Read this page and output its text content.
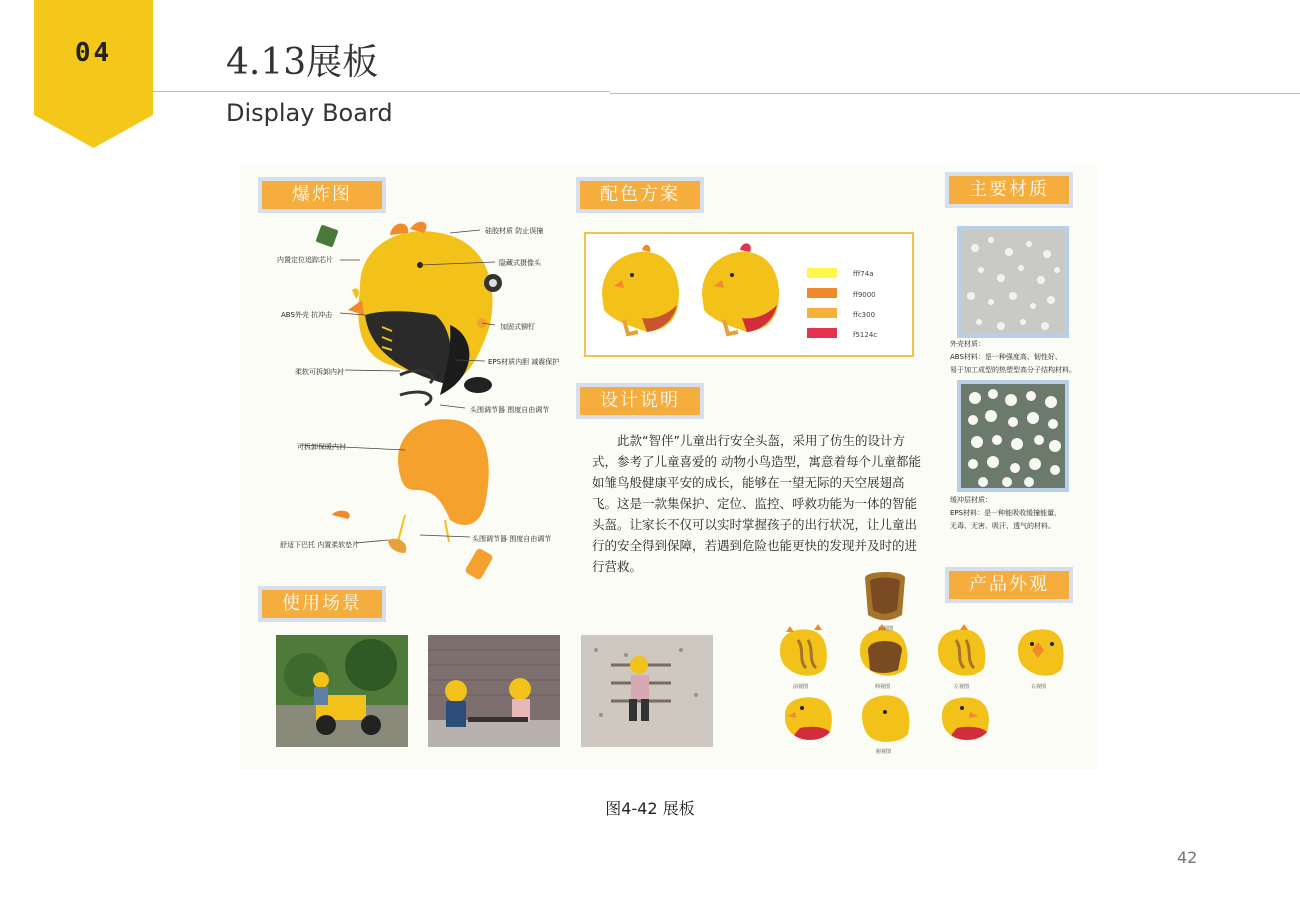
04	4.13展板
Display Board
爆炸图	配色方案	主要材质
设计说明
使用场景
产品外观
硅胶材质 防止误撞
内置定位追踪芯片	隐藏式摄像头
ABS外壳 抗冲击
加固式铆钉
EPS材质内胆 减震保护
柔软可拆卸内衬
头围调节器 围度自由调节
可拆卸保暖内衬
头围调节器 围度自由调节
舒适下巴托 内置柔软垫片
fff74a
ff9000
ffc300
f5124c

此款“智伴”儿童出行安全头盔，采用了仿生的设计方式，参考了儿童喜爱的 动物小鸟造型，寓意着每个儿童都能如雏鸟般健康平安的成长，能够在一望无际的天空展翅高飞。这是一款集保护、定位、监控、呼救功能为一体的智能头盔。让家长不仅可以实时掌握孩子的出行状况，让儿童出行的安全得到保障，若遇到危险也能更快的发现并及时的进行营救。

外壳材质：
ABS材料：是一种强度高、韧性好、
易于加工成型的热塑型高分子结构材料。
缓冲层材质：
EPS材料：是一种能吸收缓撞能量，
无毒、无害、吸汗、透气的材料。
后视图
前视图	仰视图	左视图	右视图
俯视图
图4-42 展板
42
